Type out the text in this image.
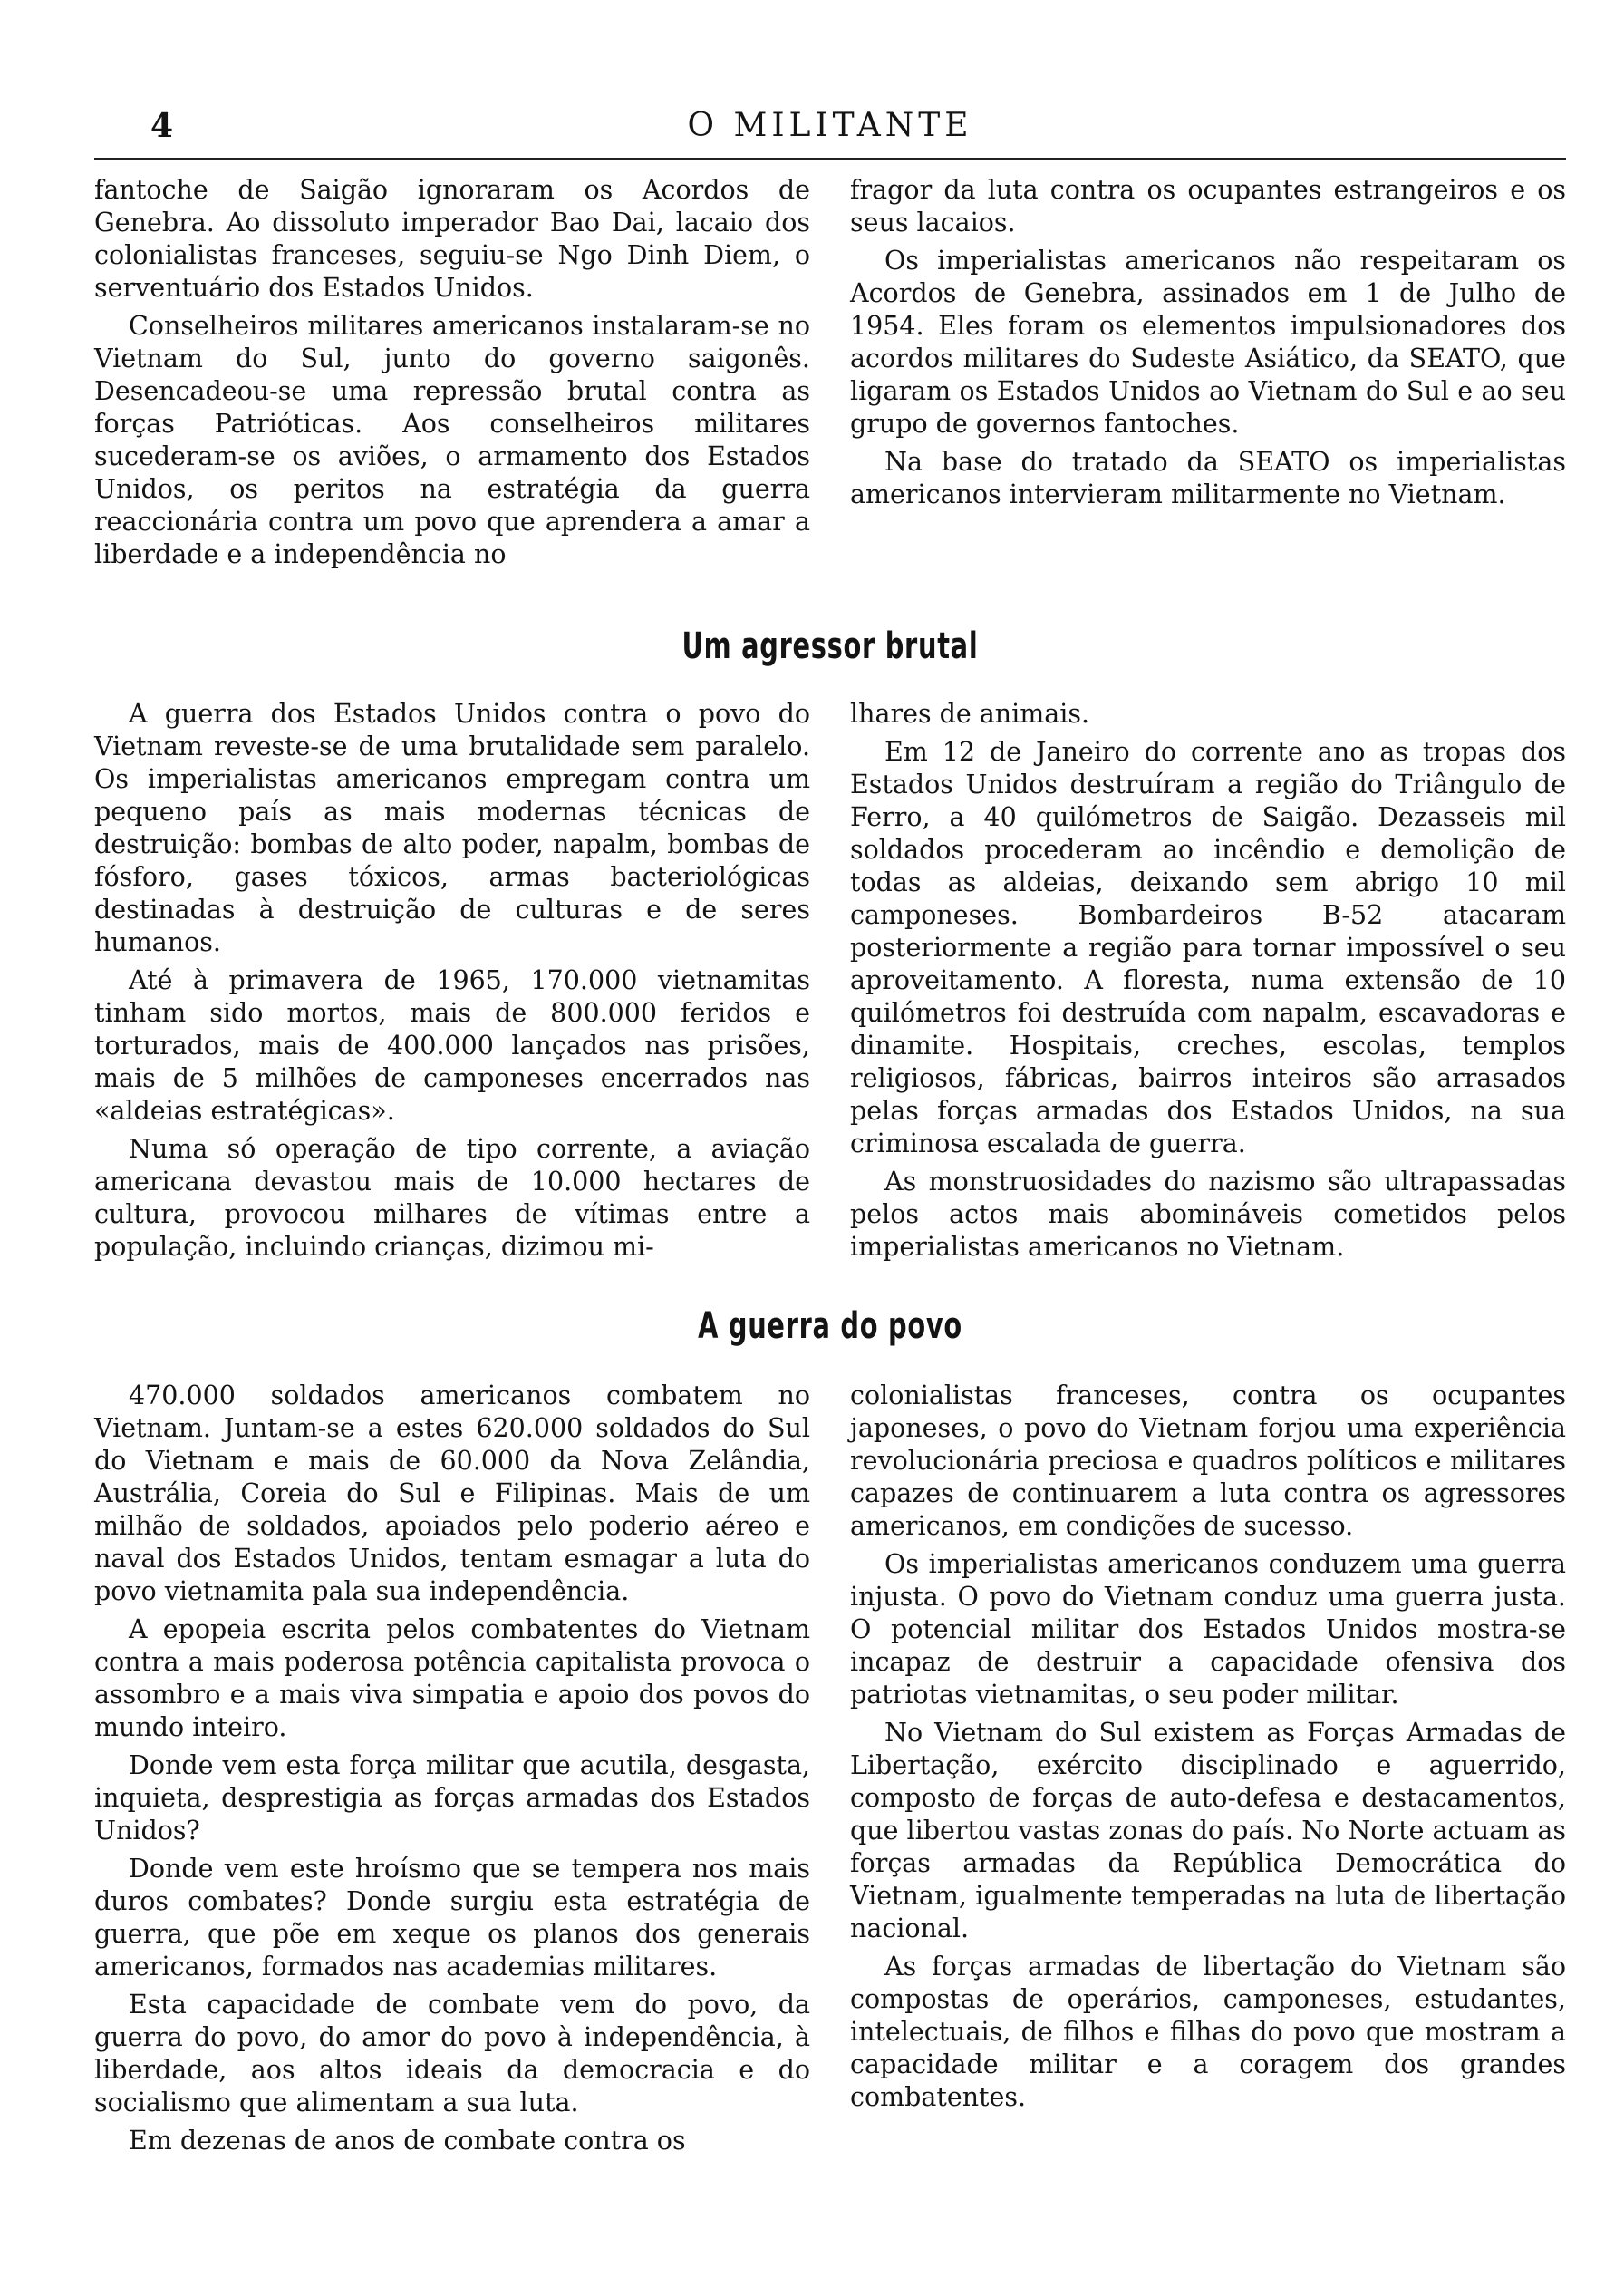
4	O MILITANTE

fantoche de Saigão ignoraram os Acordos de Genebra. Ao dissoluto imperador Bao Dai, lacaio dos colonialistas franceses, seguiu-se Ngo Dinh Diem, o serventuário dos Estados Unidos.

Conselheiros militares americanos instalaram-se no Vietnam do Sul, junto do governo saigonês. Desencadeou-se uma repressão brutal contra as forças Patrióticas. Aos conselheiros militares sucederam-se os aviões, o armamento dos Estados Unidos, os peritos na estratégia da guerra reaccionária contra um povo que aprendera a amar a liberdade e a independência no

fragor da luta contra os ocupantes estrangeiros e os seus lacaios.

Os imperialistas americanos não respeitaram os Acordos de Genebra, assinados em 1 de Julho de 1954. Eles foram os elementos impulsionadores dos acordos militares do Sudeste Asiático, da SEATO, que ligaram os Estados Unidos ao Vietnam do Sul e ao seu grupo de governos fantoches.

Na base do tratado da SEATO os imperialistas americanos intervieram militarmente no Vietnam.

Um agressor brutal

A guerra dos Estados Unidos contra o povo do Vietnam reveste-se de uma brutalidade sem paralelo. Os imperialistas americanos empregam contra um pequeno país as mais modernas técnicas de destruição: bombas de alto poder, napalm, bombas de fósforo, gases tóxicos, armas bacteriológicas destinadas à destruição de culturas e de seres humanos.

Até à primavera de 1965, 170.000 vietnamitas tinham sido mortos, mais de 800.000 feridos e torturados, mais de 400.000 lançados nas prisões, mais de 5 milhões de camponeses encerrados nas «aldeias estratégicas».

Numa só operação de tipo corrente, a aviação americana devastou mais de 10.000 hectares de cultura, provocou milhares de vítimas entre a população, incluindo crianças, dizimou mi-

lhares de animais.

Em 12 de Janeiro do corrente ano as tropas dos Estados Unidos destruíram a região do Triângulo de Ferro, a 40 quilómetros de Saigão. Dezasseis mil soldados procederam ao incêndio e demolição de todas as aldeias, deixando sem abrigo 10 mil camponeses. Bombardeiros B-52 atacaram posteriormente a região para tornar impossível o seu aproveitamento. A floresta, numa extensão de 10 quilómetros foi destruída com napalm, escavadoras e dinamite. Hospitais, creches, escolas, templos religiosos, fábricas, bairros inteiros são arrasados pelas forças armadas dos Estados Unidos, na sua criminosa escalada de guerra.

As monstruosidades do nazismo são ultrapassadas pelos actos mais abomináveis cometidos pelos imperialistas americanos no Vietnam.

A guerra do povo

470.000 soldados americanos combatem no Vietnam. Juntam-se a estes 620.000 soldados do Sul do Vietnam e mais de 60.000 da Nova Zelândia, Austrália, Coreia do Sul e Filipinas. Mais de um milhão de soldados, apoiados pelo poderio aéreo e naval dos Estados Unidos, tentam esmagar a luta do povo vietnamita pala sua independência.

A epopeia escrita pelos combatentes do Vietnam contra a mais poderosa potência capitalista provoca o assombro e a mais viva simpatia e apoio dos povos do mundo inteiro.

Donde vem esta força militar que acutila, desgasta, inquieta, desprestigia as forças armadas dos Estados Unidos?

Donde vem este hroísmo que se tempera nos mais duros combates? Donde surgiu esta estratégia de guerra, que põe em xeque os planos dos generais americanos, formados nas academias militares.

Esta capacidade de combate vem do povo, da guerra do povo, do amor do povo à independência, à liberdade, aos altos ideais da democracia e do socialismo que alimentam a sua luta.

Em dezenas de anos de combate contra os

colonialistas franceses, contra os ocupantes japoneses, o povo do Vietnam forjou uma experiência revolucionária preciosa e quadros políticos e militares capazes de continuarem a luta contra os agressores americanos, em condições de sucesso.

Os imperialistas americanos conduzem uma guerra injusta. O povo do Vietnam conduz uma guerra justa. O potencial militar dos Estados Unidos mostra-se incapaz de destruir a capacidade ofensiva dos patriotas vietnamitas, o seu poder militar.

No Vietnam do Sul existem as Forças Armadas de Libertação, exército disciplinado e aguerrido, composto de forças de auto-defesa e destacamentos, que libertou vastas zonas do país. No Norte actuam as forças armadas da República Democrática do Vietnam, igualmente temperadas na luta de libertação nacional.

As forças armadas de libertação do Vietnam são compostas de operários, camponeses, estudantes, intelectuais, de filhos e filhas do povo que mostram a capacidade militar e a coragem dos grandes combatentes.
